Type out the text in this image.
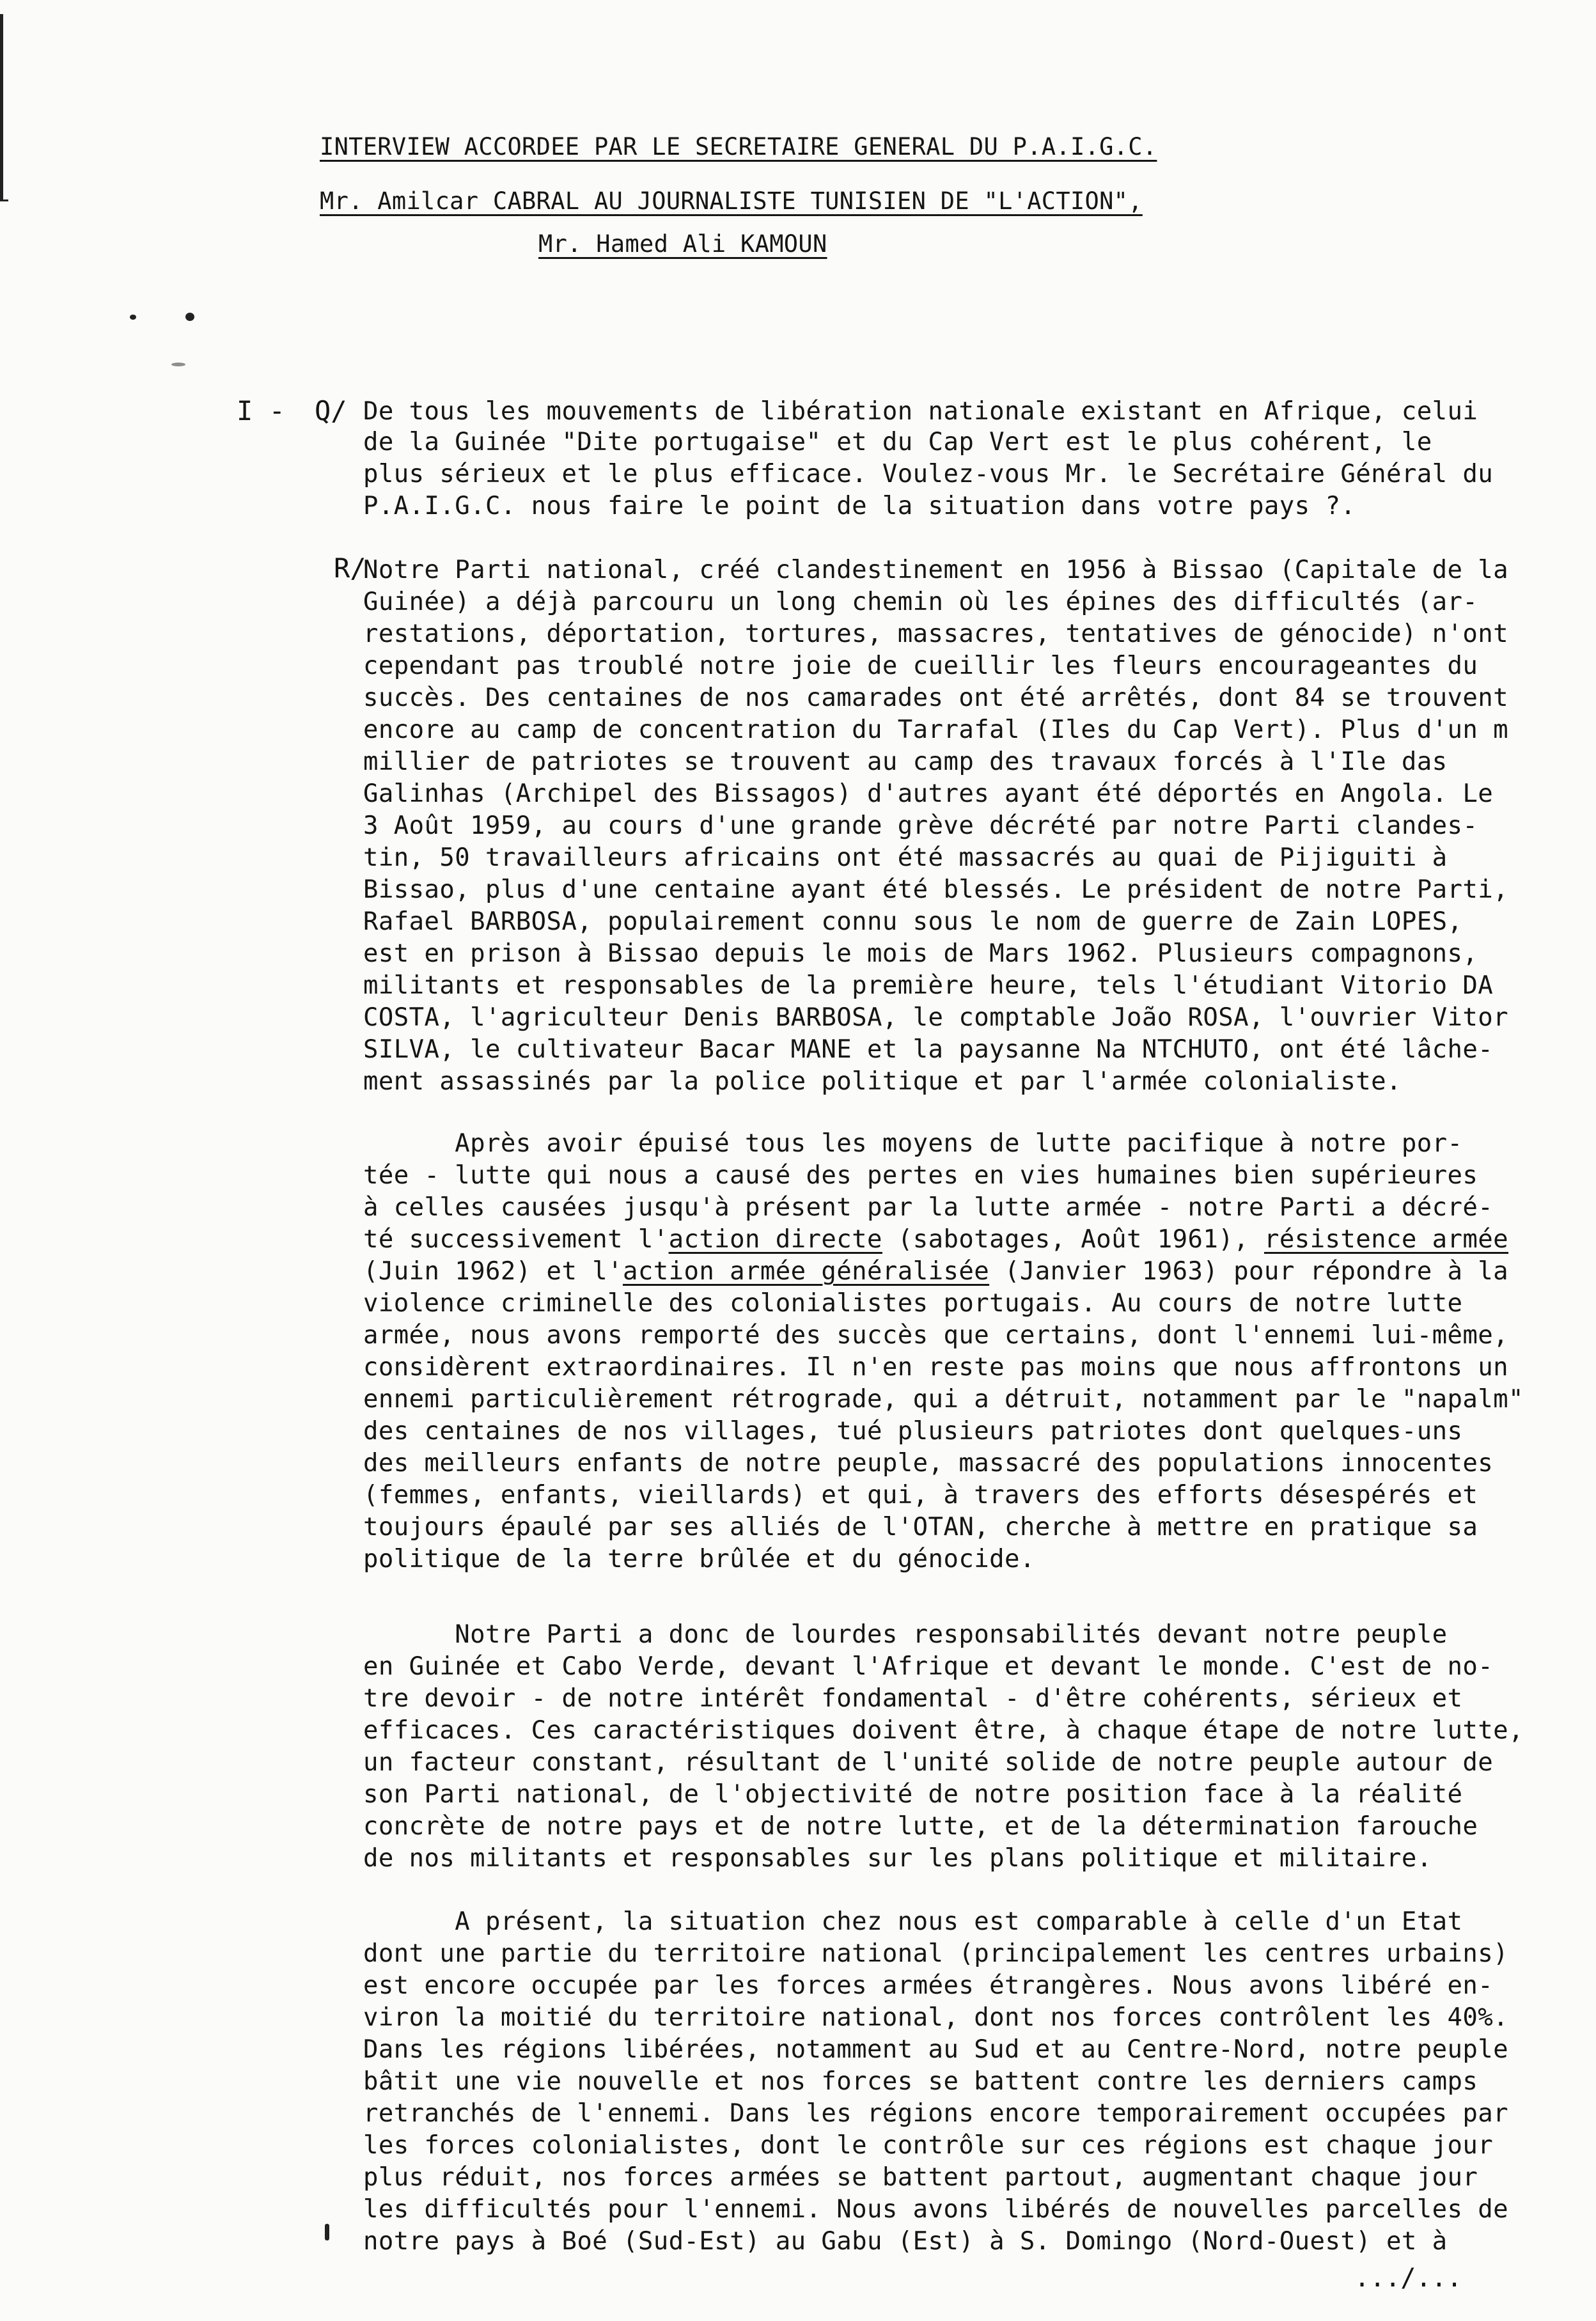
INTERVIEW ACCORDEE PAR LE SECRETAIRE GENERAL DU P.A.I.G.C.
Mr. Amilcar CABRAL AU JOURNALISTE TUNISIEN DE "L'ACTION",
Mr. Hamed Ali KAMOUN
I - Q/
R/
De tous les mouvements de libération nationale existant en Afrique, celui
de la Guinée "Dite portugaise" et du Cap Vert est le plus cohérent, le
plus sérieux et le plus efficace. Voulez-vous Mr. le Secrétaire Général du
P.A.I.G.C. nous faire le point de la situation dans votre pays ?.
Notre Parti national, créé clandestinement en 1956 à Bissao (Capitale de la
Guinée) a déjà parcouru un long chemin où les épines des difficultés (ar-
restations, déportation, tortures, massacres, tentatives de génocide) n'ont
cependant pas troublé notre joie de cueillir les fleurs encourageantes du
succès. Des centaines de nos camarades ont été arrêtés, dont 84 se trouvent
encore au camp de concentration du Tarrafal (Iles du Cap Vert). Plus d'un m
millier de patriotes se trouvent au camp des travaux forcés à l'Ile das
Galinhas (Archipel des Bissagos) d'autres ayant été déportés en Angola. Le
3 Août 1959, au cours d'une grande grève décrété par notre Parti clandes-
tin, 50 travailleurs africains ont été massacrés au quai de Pijiguiti à
Bissao, plus d'une centaine ayant été blessés. Le président de notre Parti,
Rafael BARBOSA, populairement connu sous le nom de guerre de Zain LOPES,
est en prison à Bissao depuis le mois de Mars 1962. Plusieurs compagnons,
militants et responsables de la première heure, tels l'étudiant Vitorio DA
COSTA, l'agriculteur Denis BARBOSA, le comptable João ROSA, l'ouvrier Vitor
SILVA, le cultivateur Bacar MANE et la paysanne Na NTCHUTO, ont été lâche-
ment assassinés par la police politique et par l'armée colonialiste.
Après avoir épuisé tous les moyens de lutte pacifique à notre por-
tée - lutte qui nous a causé des pertes en vies humaines bien supérieures
à celles causées jusqu'à présent par la lutte armée - notre Parti a décré-
té successivement l'action directe (sabotages, Août 1961), résistence armée
(Juin 1962) et l'action armée généralisée (Janvier 1963) pour répondre à la
violence criminelle des colonialistes portugais. Au cours de notre lutte
armée, nous avons remporté des succès que certains, dont l'ennemi lui-même,
considèrent extraordinaires. Il n'en reste pas moins que nous affrontons un
ennemi particulièrement rétrograde, qui a détruit, notamment par le "napalm"
des centaines de nos villages, tué plusieurs patriotes dont quelques-uns
des meilleurs enfants de notre peuple, massacré des populations innocentes
(femmes, enfants, vieillards) et qui, à travers des efforts désespérés et
toujours épaulé par ses alliés de l'OTAN, cherche à mettre en pratique sa
politique de la terre brûlée et du génocide.
Notre Parti a donc de lourdes responsabilités devant notre peuple
en Guinée et Cabo Verde, devant l'Afrique et devant le monde. C'est de no-
tre devoir - de notre intérêt fondamental - d'être cohérents, sérieux et
efficaces. Ces caractéristiques doivent être, à chaque étape de notre lutte,
un facteur constant, résultant de l'unité solide de notre peuple autour de
son Parti national, de l'objectivité de notre position face à la réalité
concrète de notre pays et de notre lutte, et de la détermination farouche
de nos militants et responsables sur les plans politique et militaire.
A présent, la situation chez nous est comparable à celle d'un Etat
dont une partie du territoire national (principalement les centres urbains)
est encore occupée par les forces armées étrangères. Nous avons libéré en-
viron la moitié du territoire national, dont nos forces contrôlent les 40%.
Dans les régions libérées, notamment au Sud et au Centre-Nord, notre peuple
bâtit une vie nouvelle et nos forces se battent contre les derniers camps
retranchés de l'ennemi. Dans les régions encore temporairement occupées par
les forces colonialistes, dont le contrôle sur ces régions est chaque jour
plus réduit, nos forces armées se battent partout, augmentant chaque jour
les difficultés pour l'ennemi. Nous avons libérés de nouvelles parcelles de
notre pays à Boé (Sud-Est) au Gabu (Est) à S. Domingo (Nord-Ouest) et à
.../...
